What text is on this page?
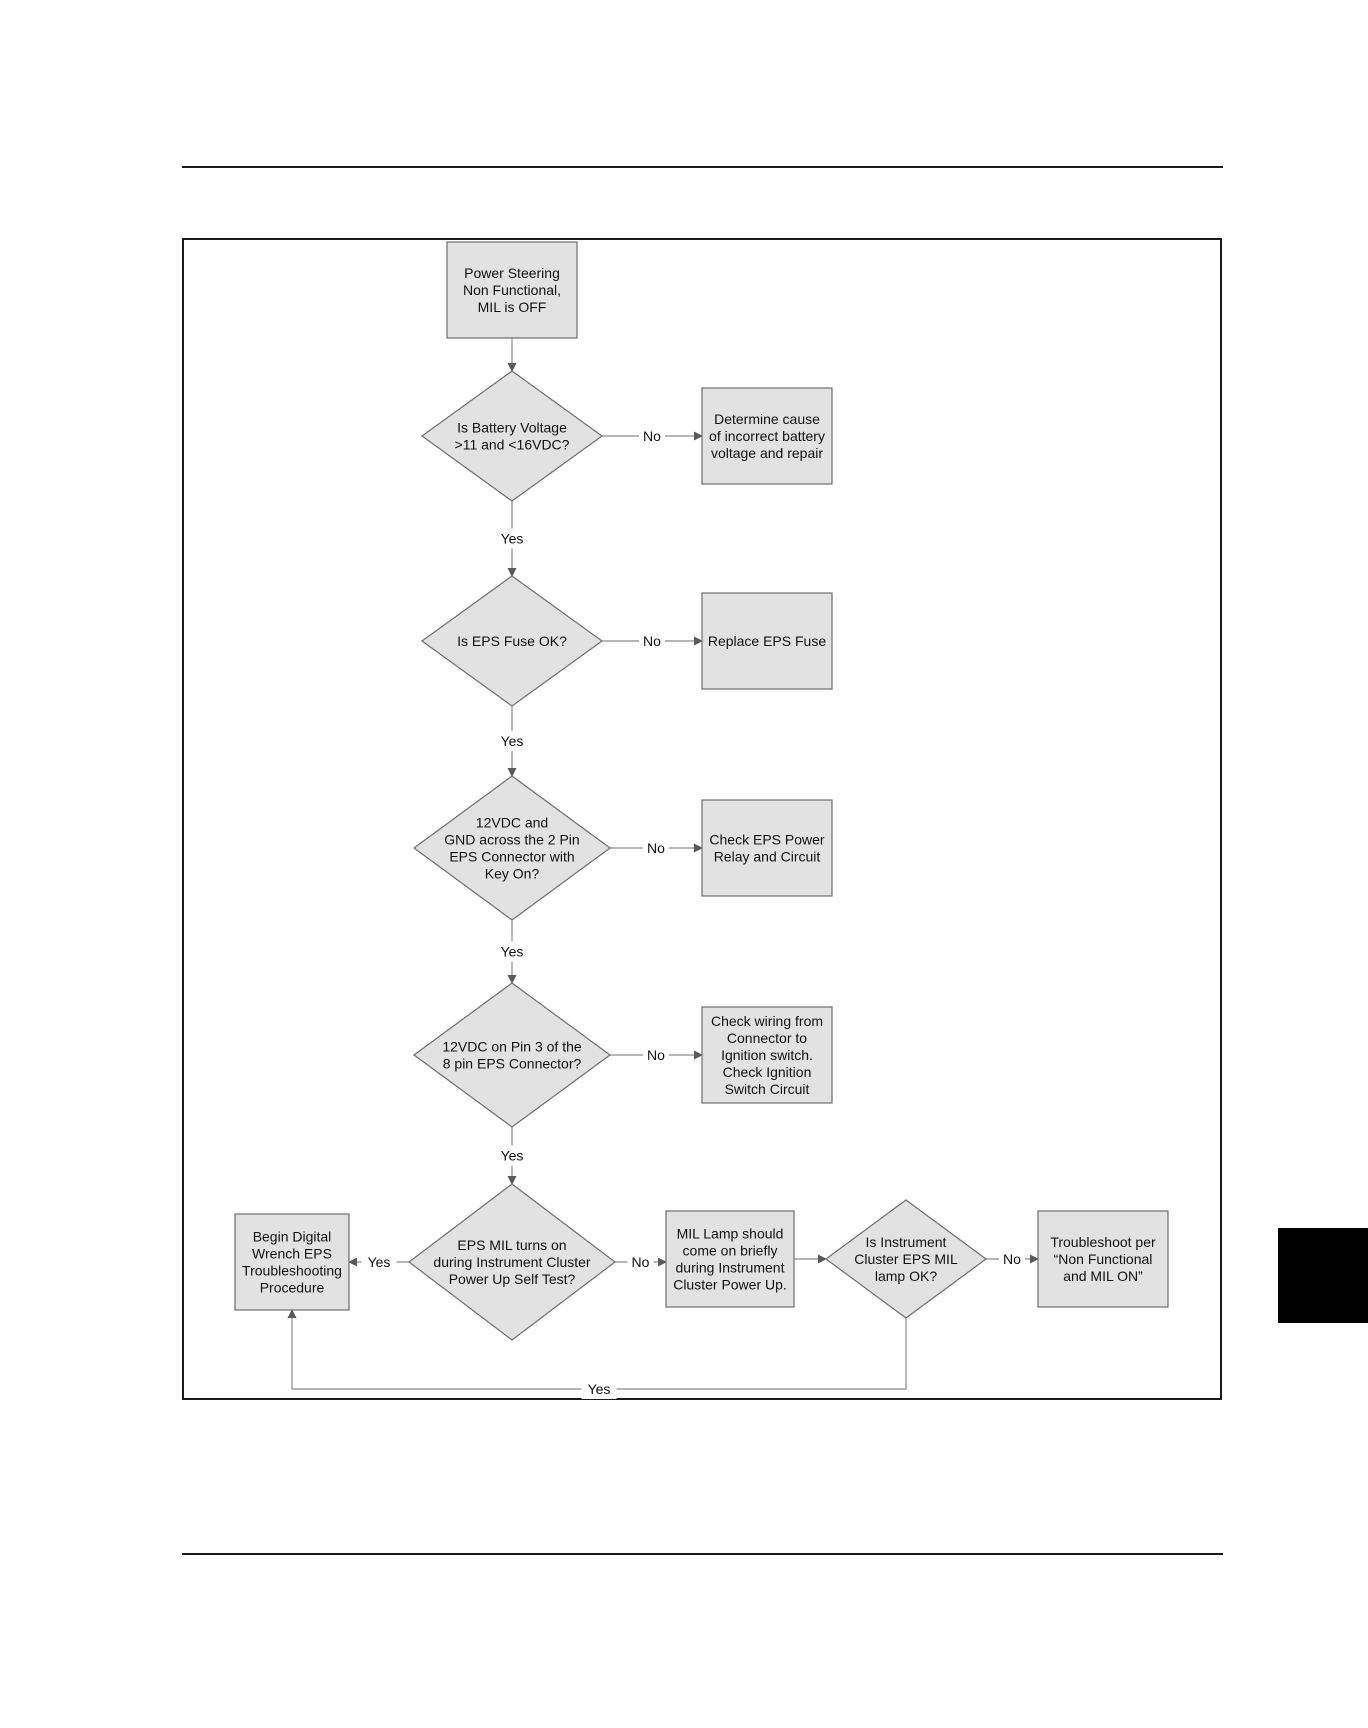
Power Steering
Non Functional,
MIL is OFF
Is Battery Voltage
>11 and <16VDC?
Determine cause
of incorrect battery
voltage and repair
Is EPS Fuse OK?	Replace EPS Fuse
12VDC and
GND across the 2 Pin
EPS Connector with
Key On?
Check EPS Power
Relay and Circuit
12VDC on Pin 3 of the
8 pin EPS Connector?
Check wiring from
Connector to
Ignition switch.
Check Ignition
Switch Circuit
EPS MIL turns on
during Instrument Cluster
Power Up Self Test?
Begin Digital
Wrench EPS
Troubleshooting
Procedure
MIL Lamp should
come on briefly
during Instrument
Cluster Power Up.
Is Instrument
Cluster EPS MIL
lamp OK?
Troubleshoot per
“Non Functional
and MIL ON”
No
Yes
No
Yes
No
Yes
No
Yes
Yes	No	No
Yes
